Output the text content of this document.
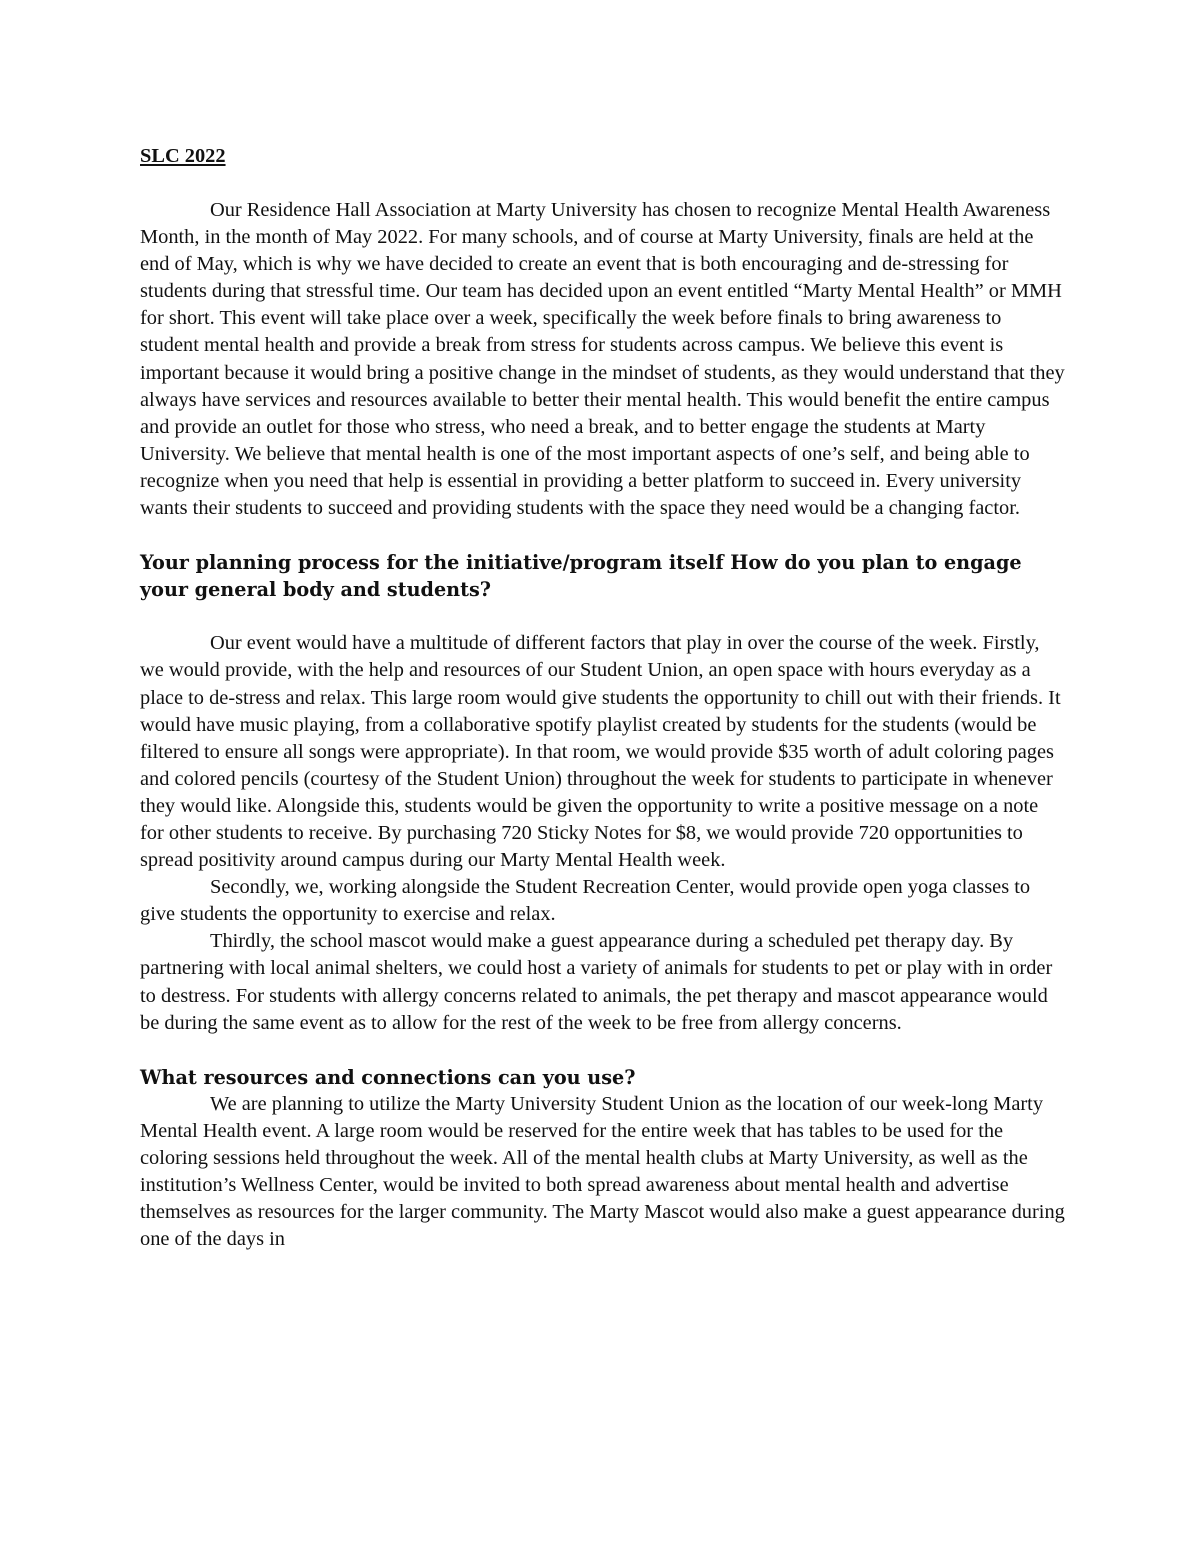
SLC 2022

Our Residence Hall Association at Marty University has chosen to recognize Mental Health Awareness Month, in the month of May 2022. For many schools, and of course at Marty University, finals are held at the end of May, which is why we have decided to create an event that is both encouraging and de-stressing for students during that stressful time. Our team has decided upon an event entitled “Marty Mental Health” or MMH for short. This event will take place over a week, specifically the week before finals to bring awareness to student mental health and provide a break from stress for students across campus. We believe this event is important because it would bring a positive change in the mindset of students, as they would understand that they always have services and resources available to better their mental health. This would benefit the entire campus and provide an outlet for those who stress, who need a break, and to better engage the students at Marty University. We believe that mental health is one of the most important aspects of one’s self, and being able to recognize when you need that help is essential in providing a better platform to succeed in. Every university wants their students to succeed and providing students with the space they need would be a changing factor.

Your planning process for the initiative/program itself How do you plan to engage your general body and students?

Our event would have a multitude of different factors that play in over the course of the week. Firstly, we would provide, with the help and resources of our Student Union, an open space with hours everyday as a place to de-stress and relax. This large room would give students the opportunity to chill out with their friends. It would have music playing, from a collaborative spotify playlist created by students for the students (would be filtered to ensure all songs were appropriate). In that room, we would provide $35 worth of adult coloring pages and colored pencils (courtesy of the Student Union) throughout the week for students to participate in whenever they would like. Alongside this, students would be given the opportunity to write a positive message on a note for other students to receive. By purchasing 720 Sticky Notes for $8, we would provide 720 opportunities to spread positivity around campus during our Marty Mental Health week.

Secondly, we, working alongside the Student Recreation Center, would provide open yoga classes to give students the opportunity to exercise and relax.

Thirdly, the school mascot would make a guest appearance during a scheduled pet therapy day. By partnering with local animal shelters, we could host a variety of animals for students to pet or play with in order to destress. For students with allergy concerns related to animals, the pet therapy and mascot appearance would be during the same event as to allow for the rest of the week to be free from allergy concerns.

What resources and connections can you use?

We are planning to utilize the Marty University Student Union as the location of our week-long Marty Mental Health event. A large room would be reserved for the entire week that has tables to be used for the coloring sessions held throughout the week. All of the mental health clubs at Marty University, as well as the institution’s Wellness Center, would be invited to both spread awareness about mental health and advertise themselves as resources for the larger community. The Marty Mascot would also make a guest appearance during one of the days in
